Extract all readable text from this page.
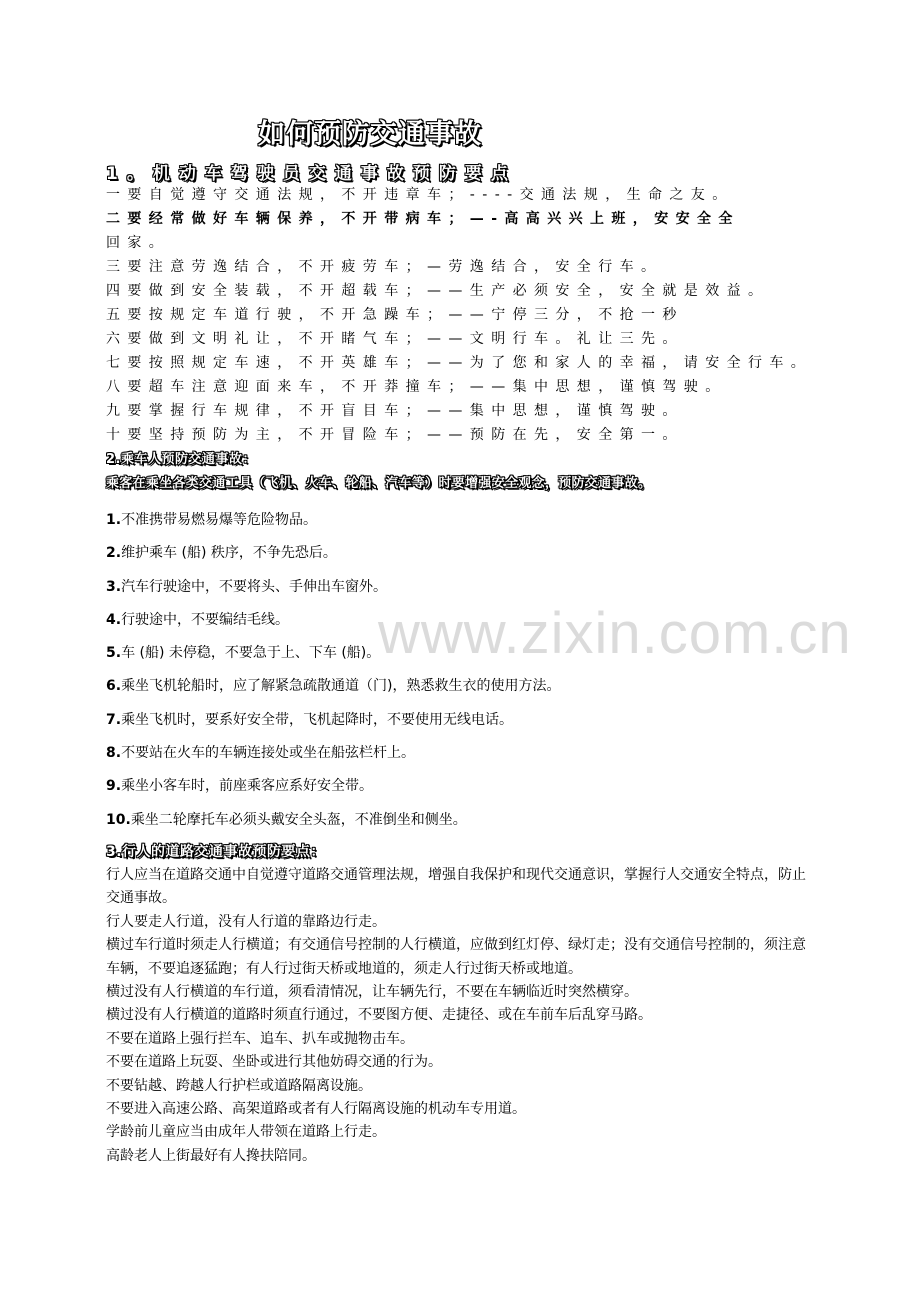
如何预防交通事故
1。机动车驾驶员交通事故预防要点
一要自觉遵守交通法规，不开违章车；----交通法规，生命之友。
二要经常做好车辆保养，不开带病车；—-高高兴兴上班，安安全全
回家。
三要注意劳逸结合，不开疲劳车；—劳逸结合，安全行车。
四要做到安全装载，不开超载车；——生产必须安全，安全就是效益。
五要按规定车道行驶，不开急躁车；——宁停三分，不抢一秒
六要做到文明礼让，不开睹气车；——文明行车。礼让三先。
七要按照规定车速，不开英雄车；——为了您和家人的幸福，请安全行车。
八要超车注意迎面来车，不开莽撞车；——集中思想，谨慎驾驶。
九要掌握行车规律，不开盲目车；——集中思想，谨慎驾驶。
十要坚持预防为主，不开冒险车；——预防在先，安全第一。
2.乘车人预防交通事故：
乘客在乘坐各类交通工具（飞机、火车、轮船、汽车等）时要增强安全观念，预防交通事故。
1.不准携带易燃易爆等危险物品。
2.维护乘车 (船) 秩序，不争先恐后。
3.汽车行驶途中，不要将头、手伸出车窗外。
4.行驶途中，不要编结毛线。
5.车 (船) 未停稳，不要急于上、下车 (船)。
6.乘坐飞机轮船时，应了解紧急疏散通道（门)，熟悉救生衣的使用方法。
7.乘坐飞机时，要系好安全带，飞机起降时，不要使用无线电话。
8.不要站在火车的车辆连接处或坐在船弦栏杆上。
9.乘坐小客车时，前座乘客应系好安全带。
10.乘坐二轮摩托车必须头戴安全头盔，不准倒坐和侧坐。
3.行人的道路交通事故预防要点：
行人应当在道路交通中自觉遵守道路交通管理法规，增强自我保护和现代交通意识，掌握行人交通安全特点，防止交通事故。
行人要走人行道，没有人行道的靠路边行走。
横过车行道时须走人行横道；有交通信号控制的人行横道，应做到红灯停、绿灯走；没有交通信号控制的，须注意车辆，不要追逐猛跑；有人行过街天桥或地道的，须走人行过街天桥或地道。
横过没有人行横道的车行道，须看清情况，让车辆先行，不要在车辆临近时突然横穿。
横过没有人行横道的道路时须直行通过，不要图方便、走捷径、或在车前车后乱穿马路。
不要在道路上强行拦车、追车、扒车或抛物击车。
不要在道路上玩耍、坐卧或进行其他妨碍交通的行为。
不要钻越、跨越人行护栏或道路隔离设施。
不要进入高速公路、高架道路或者有人行隔离设施的机动车专用道。
学龄前儿童应当由成年人带领在道路上行走。
高龄老人上街最好有人搀扶陪同。
www.zixin.com.cn
